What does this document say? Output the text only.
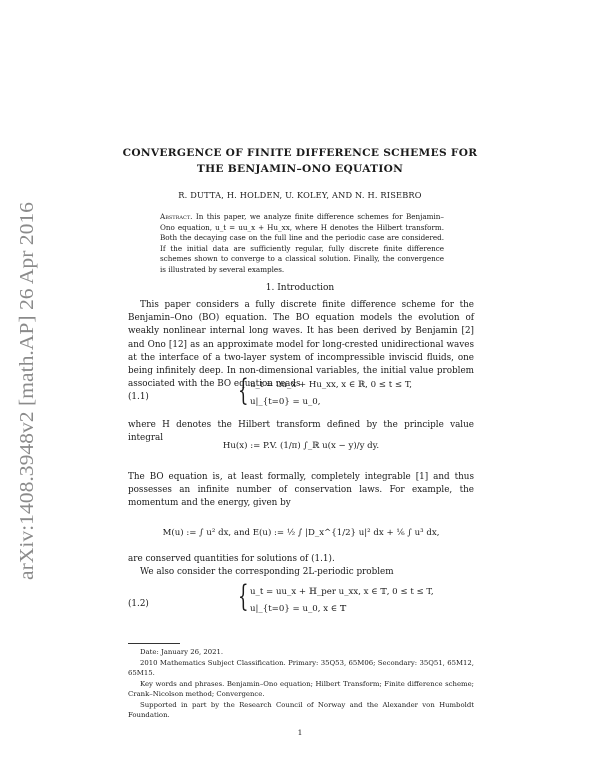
arXiv:1408.3948v2 [math.AP] 26 Apr 2016
CONVERGENCE OF FINITE DIFFERENCE SCHEMES FOR
THE BENJAMIN–ONO EQUATION
R. DUTTA, H. HOLDEN, U. KOLEY, AND N. H. RISEBRO
Abstract. In this paper, we analyze finite difference schemes for Benjamin–Ono equation, u_t = uu_x + Hu_xx, where H denotes the Hilbert transform. Both the decaying case on the full line and the periodic case are considered. If the initial data are sufficiently regular, fully discrete finite difference schemes shown to converge to a classical solution. Finally, the convergence is illustrated by several examples.
1. Introduction
This paper considers a fully discrete finite difference scheme for the Benjamin–Ono (BO) equation. The BO equation models the evolution of weakly nonlinear internal long waves. It has been derived by Benjamin [2] and Ono [12] as an approximate model for long-crested unidirectional waves at the interface of a two-layer system of incompressible inviscid fluids, one being infinitely deep. In non-dimensional variables, the initial value problem associated with the BO equation reads
(1.1)	{ u_t = uu_x + Hu_xx, x ∈ ℝ, 0 ≤ t ≤ T,
u|_{t=0} = u_0,
where H denotes the Hilbert transform defined by the principle value integral
Hu(x) := P.V. (1/π) ∫_ℝ u(x − y)/y dy.
The BO equation is, at least formally, completely integrable [1] and thus possesses an infinite number of conservation laws. For example, the momentum and the energy, given by
M(u) := ∫ u² dx, and E(u) := ½ ∫ |D_x^{1/2} u|² dx + ⅙ ∫ u³ dx,
are conserved quantities for solutions of (1.1).
We also consider the corresponding 2L-periodic problem
(1.2)	{ u_t = uu_x + ℍ_per u_xx, x ∈ 𝕋, 0 ≤ t ≤ T,
u|_{t=0} = u_0, x ∈ 𝕋
Date: January 26, 2021.
2010 Mathematics Subject Classification. Primary: 35Q53, 65M06; Secondary: 35Q51, 65M12, 65M15.
Key words and phrases. Benjamin–Ono equation; Hilbert Transform; Finite difference scheme; Crank–Nicolson method; Convergence.
Supported in part by the Research Council of Norway and the Alexander von Humboldt Foundation.
1
